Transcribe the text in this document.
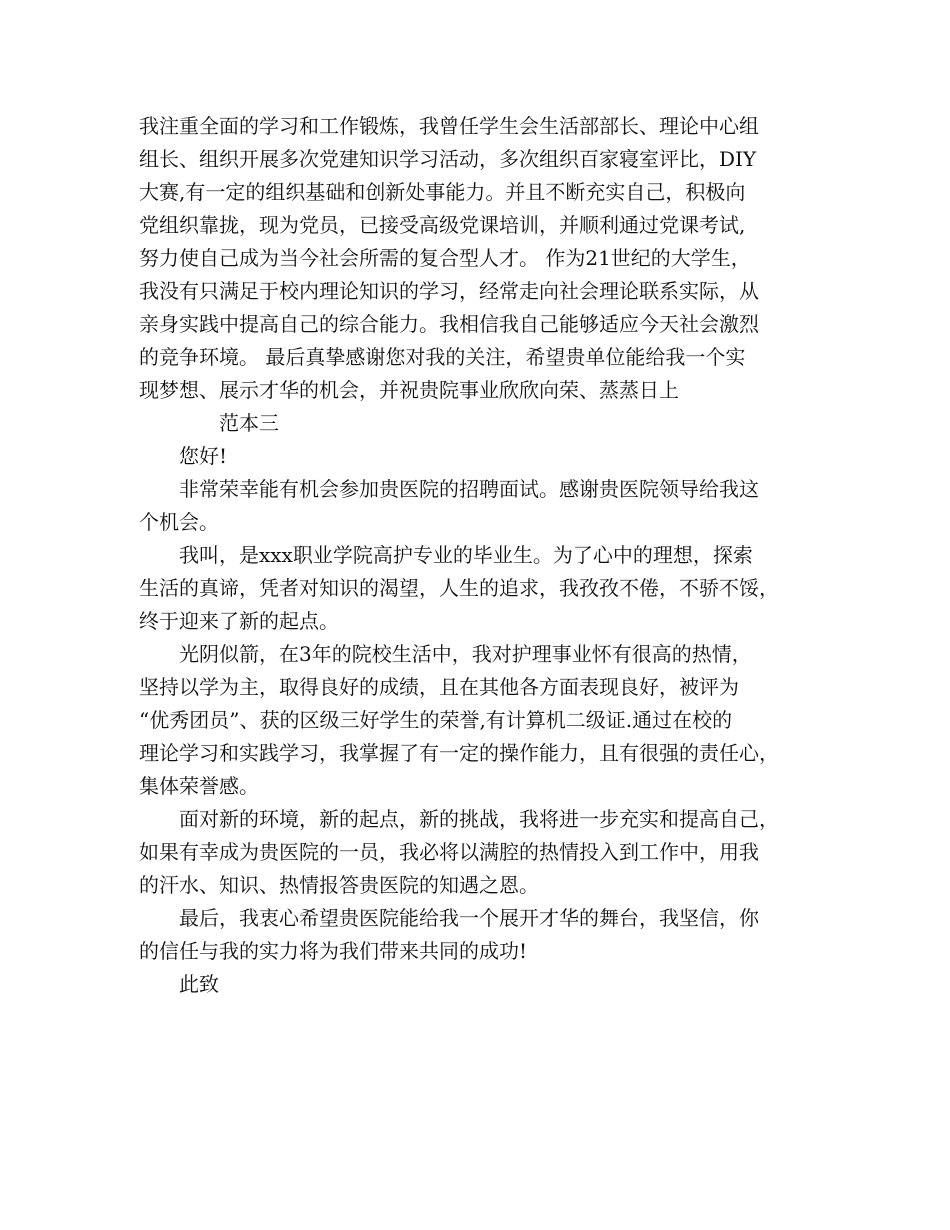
我注重全面的学习和工作锻炼，我曾任学生会生活部部长、理论中心组
组长、组织开展多次党建知识学习活动，多次组织百家寝室评比，DIY
大赛,有一定的组织基础和创新处事能力。并且不断充实自己，积极向
党组织靠拢，现为党员，已接受高级党课培训，并顺利通过党课考试,
努力使自己成为当今社会所需的复合型人才。 作为21世纪的大学生，
我没有只满足于校内理论知识的学习，经常走向社会理论联系实际，从
亲身实践中提高自己的综合能力。我相信我自己能够适应今天社会激烈
的竞争环境。 最后真挚感谢您对我的关注，希望贵单位能给我一个实
现梦想、展示才华的机会，并祝贵院事业欣欣向荣、蒸蒸日上
范本三
您好!
非常荣幸能有机会参加贵医院的招聘面试。感谢贵医院领导给我这
个机会。
我叫，是xxx职业学院高护专业的毕业生。为了心中的理想，探索
生活的真谛，凭者对知识的渴望，人生的追求，我孜孜不倦，不骄不馁，
终于迎来了新的起点。
光阴似箭，在3年的院校生活中，我对护理事业怀有很高的热情，
坚持以学为主，取得良好的成绩，且在其他各方面表现良好，被评为
“优秀团员”、获的区级三好学生的荣誉,有计算机二级证.通过在校的
理论学习和实践学习，我掌握了有一定的操作能力，且有很强的责任心，
集体荣誉感。
面对新的环境，新的起点，新的挑战，我将进一步充实和提高自己，
如果有幸成为贵医院的一员，我必将以满腔的热情投入到工作中，用我
的汗水、知识、热情报答贵医院的知遇之恩。
最后，我衷心希望贵医院能给我一个展开才华的舞台，我坚信，你
的信任与我的实力将为我们带来共同的成功!
此致
